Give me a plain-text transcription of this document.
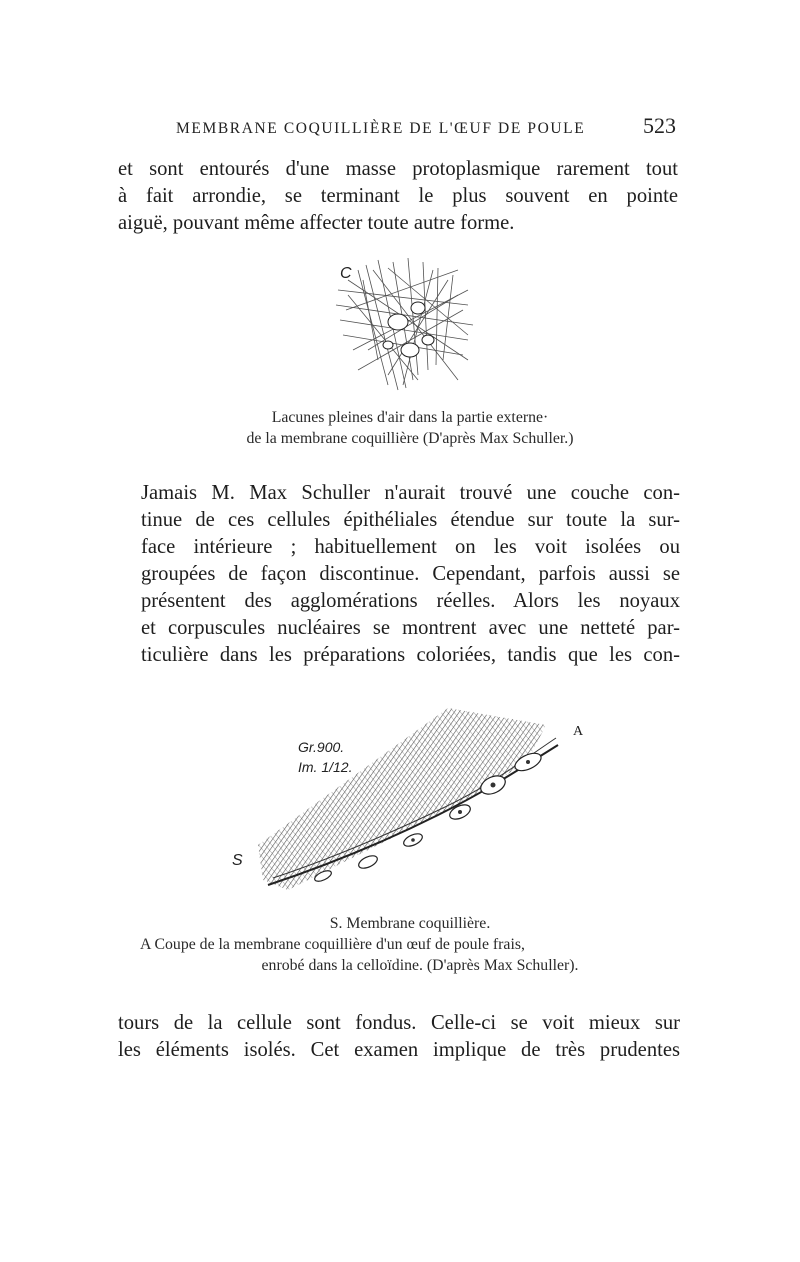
MEMBRANE COQUILLIÈRE DE L'ŒUF DE POULE	523
et sont entourés d'une masse protoplasmique rarement tout
à fait arrondie, se terminant le plus souvent en pointe
aiguë, pouvant même affecter toute autre forme.
C
Lacunes pleines d'air dans la partie externe·
de la membrane coquillière (D'après Max Schuller.)
Jamais M. Max Schuller n'aurait trouvé une couche con-
tinue de ces cellules épithéliales étendue sur toute la sur-
face intérieure ; habituellement on les voit isolées ou
groupées de façon discontinue. Cependant, parfois aussi se
présentent des agglomérations réelles. Alors les noyaux
et corpuscules nucléaires se montrent avec une netteté par-
ticulière dans les préparations coloriées, tandis que les con-
A
S
Gr.900.
Im. 1/12.
S. Membrane coquillière.
A Coupe de la membrane coquillière d'un œuf de poule frais,
enrobé dans la celloïdine. (D'après Max Schuller).
tours de la cellule sont fondus. Celle-ci se voit mieux sur
les éléments isolés. Cet examen implique de très prudentes
